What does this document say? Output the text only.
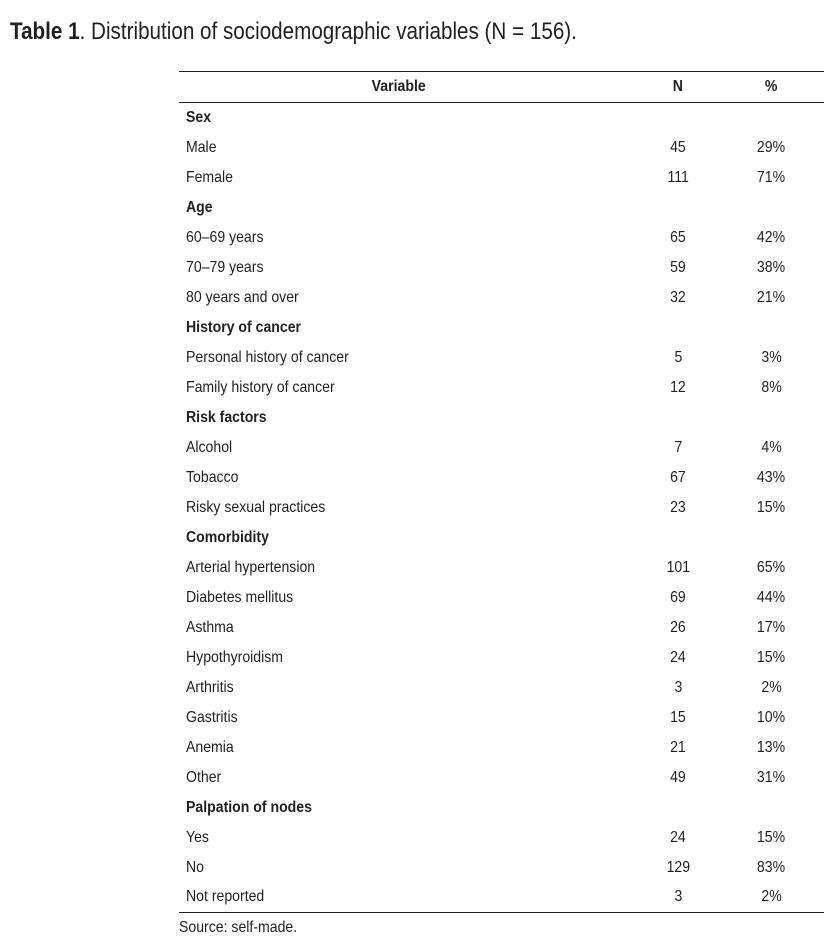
Table 1. Distribution of sociodemographic variables (N = 156).
Variable	N	%
Sex		
Male	45	29%
Female	111	71%
Age		
60–69 years	65	42%
70–79 years	59	38%
80 years and over	32	21%
History of cancer		
Personal history of cancer	5	3%
Family history of cancer	12	8%
Risk factors		
Alcohol	7	4%
Tobacco	67	43%
Risky sexual practices	23	15%
Comorbidity		
Arterial hypertension	101	65%
Diabetes mellitus	69	44%
Asthma	26	17%
Hypothyroidism	24	15%
Arthritis	3	2%
Gastritis	15	10%
Anemia	21	13%
Other	49	31%
Palpation of nodes		
Yes	24	15%
No	129	83%
Not reported	3	2%
Source: self-made.
